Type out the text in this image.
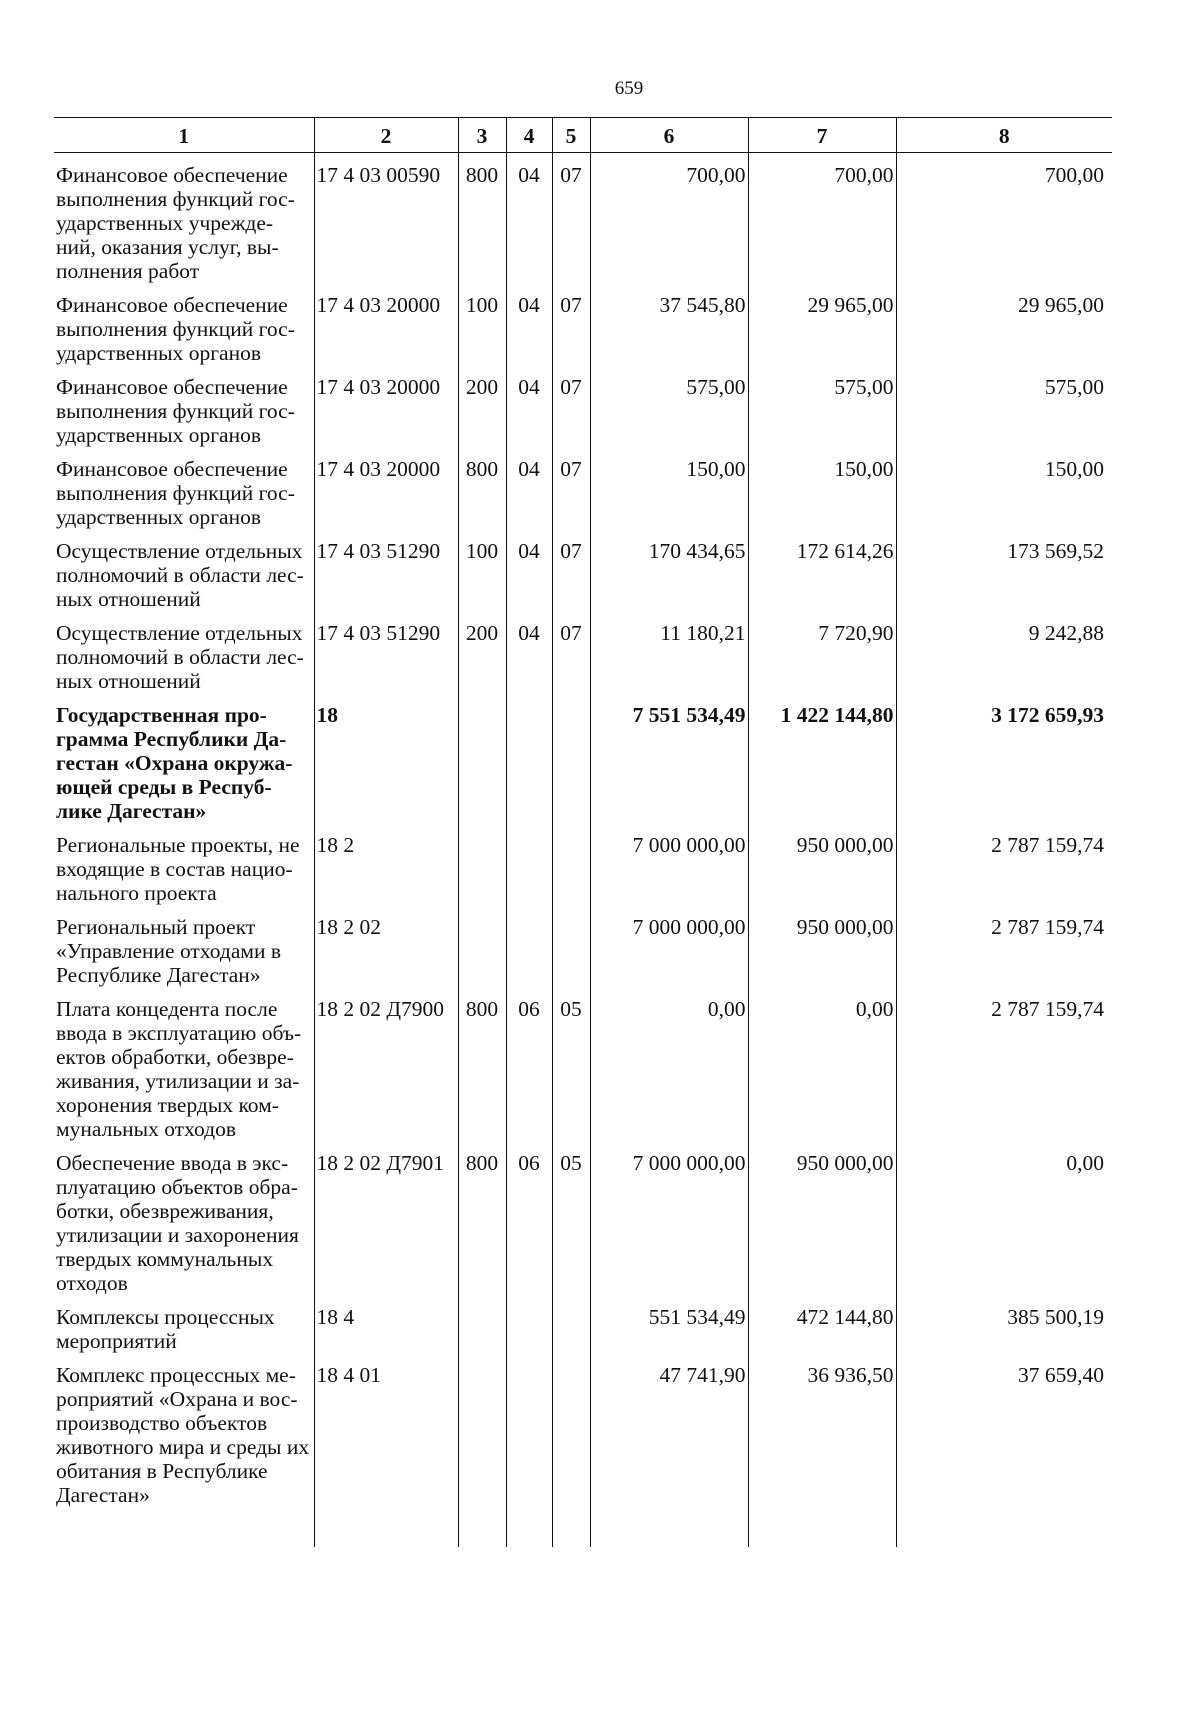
659
1	2	3	4	5	6	7	8
Финансовое обеспечение выполнения функций гос-ударственных учрежде-ний, оказания услуг, вы-полнения работ	17 4 03 00590	800	04	07	700,00	700,00	700,00
Финансовое обеспечение выполнения функций гос-ударственных органов	17 4 03 20000	100	04	07	37 545,80	29 965,00	29 965,00
Финансовое обеспечение выполнения функций гос-ударственных органов	17 4 03 20000	200	04	07	575,00	575,00	575,00
Финансовое обеспечение выполнения функций гос-ударственных органов	17 4 03 20000	800	04	07	150,00	150,00	150,00
Осуществление отдельных полномочий в области лес-ных отношений	17 4 03 51290	100	04	07	170 434,65	172 614,26	173 569,52
Осуществление отдельных полномочий в области лес-ных отношений	17 4 03 51290	200	04	07	11 180,21	7 720,90	9 242,88
Государственная про-грамма Республики Да-гестан «Охрана окружа-ющей среды в Респуб-лике Дагестан»	18				7 551 534,49	1 422 144,80	3 172 659,93
Региональные проекты, не входящие в состав нацио-нального проекта	18 2				7 000 000,00	950 000,00	2 787 159,74
Региональный проект «Управление отходами в Республике Дагестан»	18 2 02				7 000 000,00	950 000,00	2 787 159,74
Плата концедента после ввода в эксплуатацию объ-ектов обработки, обезвре-живания, утилизации и за-хоронения твердых ком-мунальных отходов	18 2 02 Д7900	800	06	05	0,00	0,00	2 787 159,74
Обеспечение ввода в экс-плуатацию объектов обра-ботки, обезвреживания, утилизации и захоронения твердых коммунальных отходов	18 2 02 Д7901	800	06	05	7 000 000,00	950 000,00	0,00
Комплексы процессных мероприятий	18 4				551 534,49	472 144,80	385 500,19
Комплекс процессных ме-роприятий «Охрана и вос-производство объектов животного мира и среды их обитания в Республике Дагестан»	18 4 01				47 741,90	36 936,50	37 659,40
